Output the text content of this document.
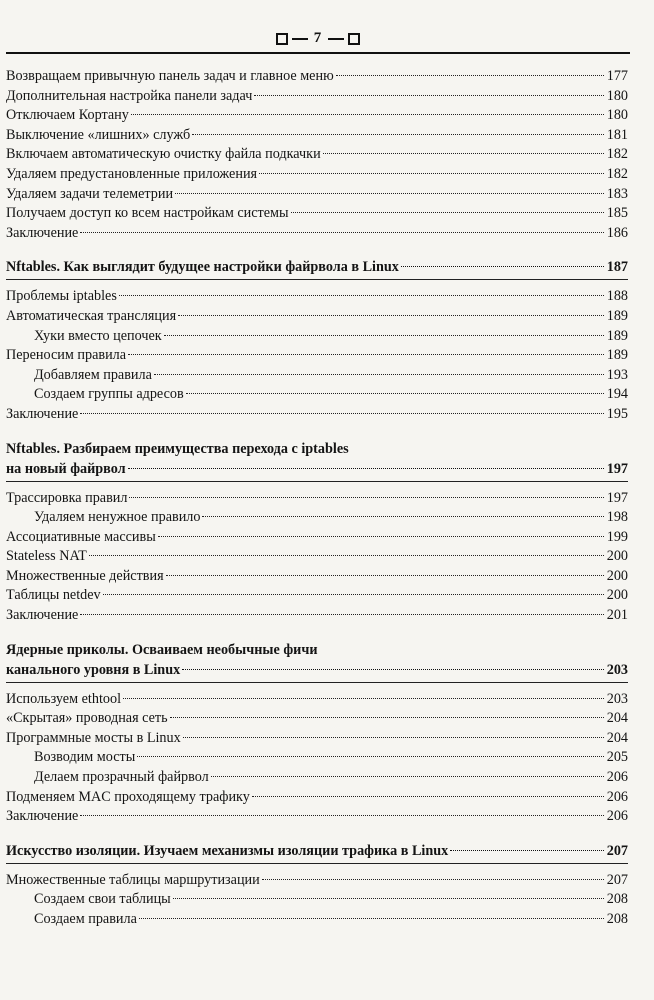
7
Возвращаем привычную панель задач и главное меню	177
Дополнительная настройка панели задач	180
Отключаем Кортану	180
Выключение «лишних» служб	181
Включаем автоматическую очистку файла подкачки	182
Удаляем предустановленные приложения	182
Удаляем задачи телеметрии	183
Получаем доступ ко всем настройкам системы	185
Заключение	186
Nftables. Как выглядит будущее настройки файрвола в Linux	187
Проблемы iptables	188
Автоматическая трансляция	189
Хуки вместо цепочек	189
Переносим правила	189
Добавляем правила	193
Создаем группы адресов	194
Заключение	195
Nftables. Разбираем преимущества перехода с iptables
на новый файрвол	197
Трассировка правил	197
Удаляем ненужное правило	198
Ассоциативные массивы	199
Stateless NAT	200
Множественные действия	200
Таблицы netdev	200
Заключение	201
Ядерные приколы. Осваиваем необычные фичи
канального уровня в Linux	203
Используем ethtool	203
«Скрытая» проводная сеть	204
Программные мосты в Linux	204
Возводим мосты	205
Делаем прозрачный файрвол	206
Подменяем MAC проходящему трафику	206
Заключение	206
Искусство изоляции. Изучаем механизмы изоляции трафика в Linux	207
Множественные таблицы маршрутизации	207
Создаем свои таблицы	208
Создаем правила	208
